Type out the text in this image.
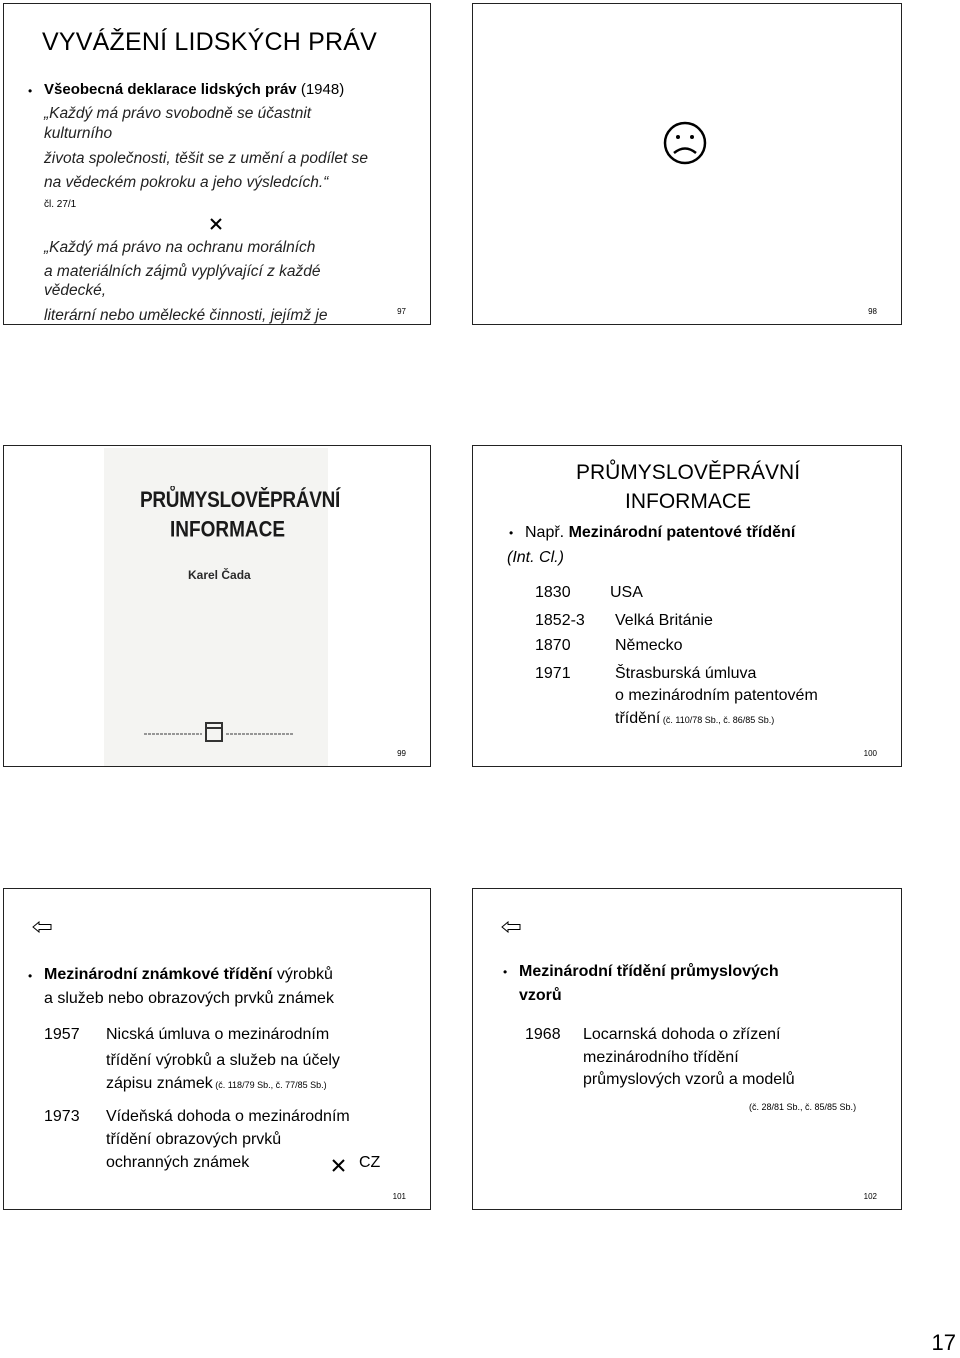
VYVÁŽENÍ LIDSKÝCH PRÁV
• Všeobecná deklarace lidských práv (1948)
„Každý má právo svobodně se účastnit
kulturního
života společnosti, těšit se z umění a podílet se
na vědeckém pokroku a jeho výsledcích.“
čl. 27/1
„Každý má právo na ochranu morálních
a materiálních zájmů vyplývající z každé
vědecké,
literární nebo umělecké činnosti, jejímž je	97	98
PRŮMYSLOVĚPRÁVNÍ
INFORMACE
Karel Čada
99
PRŮMYSLOVĚPRÁVNÍ
INFORMACE
• Např. Mezinárodní patentové třídění
(Int. Cl.)
1830 USA
1852-3 Velká Británie
1870	Německo
1971	Štrasburská úmluva
o mezinárodním patentovém
třídění (č. 110/78 Sb., č. 86/85 Sb.)
100
• Mezinárodní známkové třídění výrobků
a služeb nebo obrazových prvků známek
1957 Nicská úmluva o mezinárodním
třídění výrobků a služeb na účely
zápisu známek (č. 118/79 Sb., č. 77/85 Sb.)
1973 Vídeňská dohoda o mezinárodním
třídění obrazových prvků
ochranných známek	CZ
101
• Mezinárodní třídění průmyslových
vzorů
1968 Locarnská dohoda o zřízení
mezinárodního třídění
průmyslových vzorů a modelů
(č. 28/81 Sb., č. 85/85 Sb.)
102
17
